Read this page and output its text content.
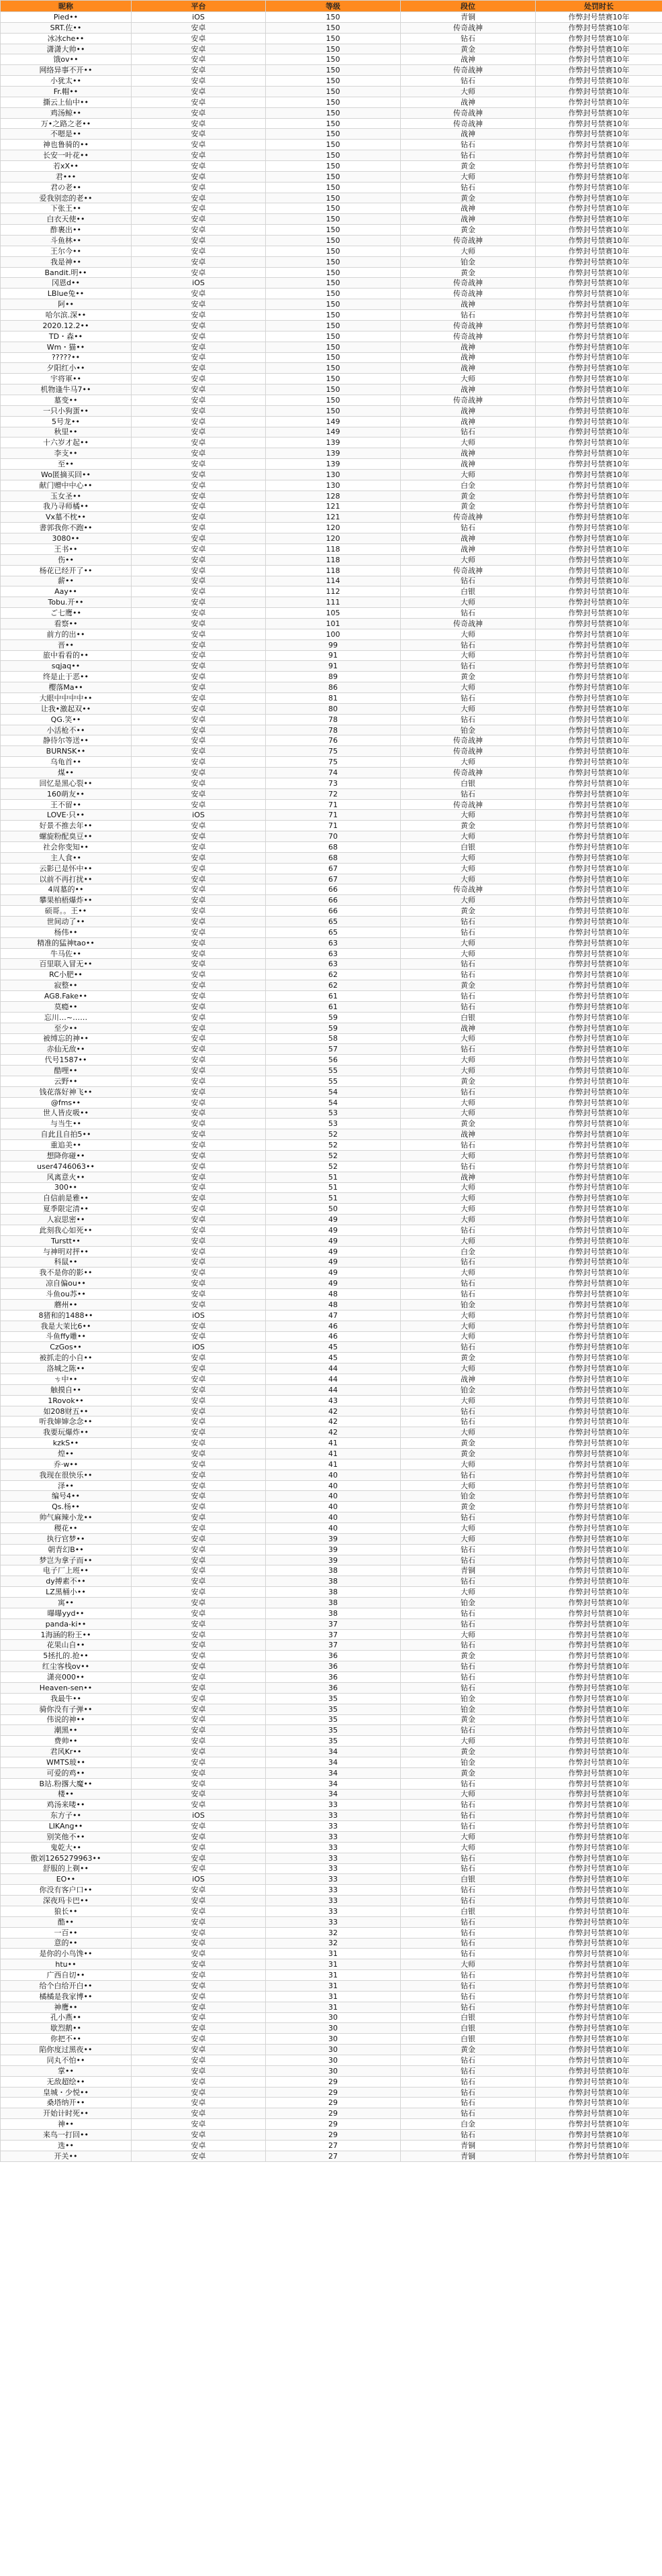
昵称	平台	等级	段位	处罚时长
Pied••	iOS	150	青铜	作弊封号禁赛10年
SRT.佐••	安卓	150	传奇战神	作弊封号禁赛10年
冰冰che••	安卓	150	钻石	作弊封号禁赛10年
潇潇大帅••	安卓	150	黄金	作弊封号禁赛10年
饿ov••	安卓	150	战神	作弊封号禁赛10年
网络异事不开••	安卓	150	传奇战神	作弊封号禁赛10年
小犹太••	安卓	150	钻石	作弊封号禁赛10年
Fr.帽••	安卓	150	大师	作弊封号禁赛10年
撕云上仙中••	安卓	150	战神	作弊封号禁赛10年
鸡汤鲸••	安卓	150	传奇战神	作弊封号禁赛10年
万•之路之老••	安卓	150	传奇战神	作弊封号禁赛10年
不嗯是••	安卓	150	战神	作弊封号禁赛10年
神也鲁骑的••	安卓	150	钻石	作弊封号禁赛10年
长安一叶花••	安卓	150	钻石	作弊封号禁赛10年
若xX••	安卓	150	黄金	作弊封号禁赛10年
君•••	安卓	150	大师	作弊封号禁赛10年
君の老••	安卓	150	钻石	作弊封号禁赛10年
爱我别恋的老••	安卓	150	黄金	作弊封号禁赛10年
下张王••	安卓	150	战神	作弊封号禁赛10年
白衣天使••	安卓	150	战神	作弊封号禁赛10年
酢裹出••	安卓	150	黄金	作弊封号禁赛10年
斗鱼林••	安卓	150	传奇战神	作弊封号禁赛10年
王尔今••	安卓	150	大师	作弊封号禁赛10年
我是神••	安卓	150	铂金	作弊封号禁赛10年
Bandit.明••	安卓	150	黄金	作弊封号禁赛10年
冈恩d••	iOS	150	传奇战神	作弊封号禁赛10年
LBlue兔••	安卓	150	传奇战神	作弊封号禁赛10年
阿••	安卓	150	战神	作弊封号禁赛10年
哈尔滨.深••	安卓	150	钻石	作弊封号禁赛10年
2020.12.2••	安卓	150	传奇战神	作弊封号禁赛10年
TD・森••	安卓	150	传奇战神	作弊封号禁赛10年
Wm・猫••	安卓	150	战神	作弊封号禁赛10年
?????••	安卓	150	战神	作弊封号禁赛10年
夕阳红小••	安卓	150	战神	作弊封号禁赛10年
宇将軍••	安卓	150	大师	作弊封号禁赛10年
机物逢牛马7••	安卓	150	战神	作弊封号禁赛10年
墓变••	安卓	150	传奇战神	作弊封号禁赛10年
一只小狗蛋••	安卓	150	战神	作弊封号禁赛10年
5号龙••	安卓	149	战神	作弊封号禁赛10年
秋里••	安卓	149	钻石	作弊封号禁赛10年
十六岁才起••	安卓	139	大师	作弊封号禁赛10年
李支••	安卓	139	战神	作弊封号禁赛10年
至••	安卓	139	战神	作弊封号禁赛10年
Wo匿摘买回••	安卓	130	大师	作弊封号禁赛10年
献门赠中中心••	安卓	130	白金	作弊封号禁赛10年
玉女圣••	安卓	128	黄金	作弊封号禁赛10年
我乃寻师橘••	安卓	121	黄金	作弊封号禁赛10年
Vx墓不枕••	安卓	121	传奇战神	作弊封号禁赛10年
書郭我你不跑••	安卓	120	钻石	作弊封号禁赛10年
3080••	安卓	120	战神	作弊封号禁赛10年
王书••	安卓	118	战神	作弊封号禁赛10年
伤••	安卓	118	大师	作弊封号禁赛10年
杨花已经开了••	安卓	118	传奇战神	作弊封号禁赛10年
薪••	安卓	114	钻石	作弊封号禁赛10年
Aay••	安卓	112	白银	作弊封号禁赛10年
Tobu.开••	安卓	111	大师	作弊封号禁赛10年
ご七鹰••	安卓	105	钻石	作弊封号禁赛10年
看察••	安卓	101	传奇战神	作弊封号禁赛10年
前方的出••	安卓	100	大师	作弊封号禁赛10年
晋••	安卓	99	钻石	作弊封号禁赛10年
旅中看看的••	安卓	91	大师	作弊封号禁赛10年
sqjaq••	安卓	91	钻石	作弊封号禁赛10年
终是止于恶••	安卓	89	黄金	作弊封号禁赛10年
樱落Ma••	安卓	86	大师	作弊封号禁赛10年
大眼中中中中••	安卓	81	钻石	作弊封号禁赛10年
让我•激起双••	安卓	80	大师	作弊封号禁赛10年
QG.笑••	安卓	78	钻石	作弊封号禁赛10年
小活枪不••	安卓	78	铂金	作弊封号禁赛10年
静待尔等送••	安卓	76	传奇战神	作弊封号禁赛10年
BURNSK••	安卓	75	传奇战神	作弊封号禁赛10年
乌龟首••	安卓	75	大师	作弊封号禁赛10年
煤••	安卓	74	传奇战神	作弊封号禁赛10年
回忆是黑心裂••	安卓	73	白银	作弊封号禁赛10年
160萌友••	安卓	72	钻石	作弊封号禁赛10年
王不留••	安卓	71	传奇战神	作弊封号禁赛10年
LOVE·只••	iOS	71	大师	作弊封号禁赛10年
好景不推去年••	安卓	71	黄金	作弊封号禁赛10年
螺旋粉配臭豆••	安卓	70	大师	作弊封号禁赛10年
社会你变知••	安卓	68	白银	作弊封号禁赛10年
主人食••	安卓	68	大师	作弊封号禁赛10年
云影已是怀中••	安卓	67	大师	作弊封号禁赛10年
以前不再打扰••	安卓	67	大师	作弊封号禁赛10年
4周墓的••	安卓	66	传奇战神	作弊封号禁赛10年
攀果柏梧爆炸••	安卓	66	大师	作弊封号禁赛10年
硕哥。。王••	安卓	66	黄金	作弊封号禁赛10年
世间动了••	安卓	65	钻石	作弊封号禁赛10年
杨伟••	安卓	65	钻石	作弊封号禁赛10年
精准的猛神tao••	安卓	63	大师	作弊封号禁赛10年
牛马佐••	安卓	63	大师	作弊封号禁赛10年
百里联入冒无••	安卓	63	钻石	作弊封号禁赛10年
RC小肥••	安卓	62	钻石	作弊封号禁赛10年
寂整••	安卓	62	黄金	作弊封号禁赛10年
AG8.Fake••	安卓	61	钻石	作弊封号禁赛10年
莫瘾••	安卓	61	钻石	作弊封号禁赛10年
忘川…~……	安卓	59	白银	作弊封号禁赛10年
至少••	安卓	59	战神	作弊封号禁赛10年
被缚忘的神••	安卓	58	大师	作弊封号禁赛10年
赤仙无敌••	安卓	57	钻石	作弊封号禁赛10年
代号1587••	安卓	56	大师	作弊封号禁赛10年
酷哩••	安卓	55	大师	作弊封号禁赛10年
云野••	安卓	55	黄金	作弊封号禁赛10年
钱花落好神飞••	安卓	54	钻石	作弊封号禁赛10年
@fms••	安卓	54	大师	作弊封号禁赛10年
世人皆皮吸••	安卓	53	大师	作弊封号禁赛10年
与当生••	安卓	53	黄金	作弊封号禁赛10年
自此且自拍5••	安卓	52	战神	作弊封号禁赛10年
重追美••	安卓	52	钻石	作弊封号禁赛10年
想降你碰••	安卓	52	大师	作弊封号禁赛10年
user4746063••	安卓	52	钻石	作弊封号禁赛10年
风离意火••	安卓	51	战神	作弊封号禁赛10年
300••	安卓	51	大师	作弊封号禁赛10年
自信前是雅••	安卓	51	大师	作弊封号禁赛10年
夏季限定清••	安卓	50	大师	作弊封号禁赛10年
人寂思密••	安卓	49	大师	作弊封号禁赛10年
此刻我心如死••	安卓	49	钻石	作弊封号禁赛10年
Turstt••	安卓	49	大师	作弊封号禁赛10年
与神明对抨••	安卓	49	白金	作弊封号禁赛10年
科鼠••	安卓	49	钻石	作弊封号禁赛10年
我不是你的影••	安卓	49	大师	作弊封号禁赛10年
凉自偏ou••	安卓	49	钻石	作弊封号禁赛10年
斗鱼ou苏••	安卓	48	钻石	作弊封号禁赛10年
蘑州••	安卓	48	铂金	作弊封号禁赛10年
8猪和的1488••	iOS	47	大师	作弊封号禁赛10年
我是大茉比6••	安卓	46	大师	作弊封号禁赛10年
斗鱼ffy雕••	安卓	46	大师	作弊封号禁赛10年
CzGos••	iOS	45	钻石	作弊封号禁赛10年
被抓走的小自••	安卓	45	黄金	作弊封号禁赛10年
洛城之陈••	安卓	44	大师	作弊封号禁赛10年
ㄘ中••	安卓	44	战神	作弊封号禁赛10年
触摸自••	安卓	44	铂金	作弊封号禁赛10年
1Rovok••	安卓	43	大师	作弊封号禁赛10年
如208财五••	安卓	42	钻石	作弊封号禁赛10年
听我婶婶念念••	安卓	42	钻石	作弊封号禁赛10年
我要玩爆炸••	安卓	42	大师	作弊封号禁赛10年
kzkS••	安卓	41	黄金	作弊封号禁赛10年
煌••	安卓	41	黄金	作弊封号禁赛10年
乔·w••	安卓	41	大师	作弊封号禁赛10年
我现在很快乐••	安卓	40	钻石	作弊封号禁赛10年
泽••	安卓	40	大师	作弊封号禁赛10年
编号4••	安卓	40	铂金	作弊封号禁赛10年
Qs.杨••	安卓	40	黄金	作弊封号禁赛10年
帅气麻辣小龙••	安卓	40	钻石	作弊封号禁赛10年
稷花••	安卓	40	大师	作弊封号禁赛10年
执行官梦••	安卓	39	大师	作弊封号禁赛10年
朝青幻B••	安卓	39	钻石	作弊封号禁赛10年
梦岂为拿子而••	安卓	39	钻石	作弊封号禁赛10年
电子厂上班••	安卓	38	青铜	作弊封号禁赛10年
dy搏素不••	安卓	38	钻石	作弊封号禁赛10年
LZ黑桶小••	安卓	38	大师	作弊封号禁赛10年
寓••	安卓	38	铂金	作弊封号禁赛10年
曝曝yyd••	安卓	38	钻石	作弊封号禁赛10年
panda-ki••	安卓	37	钻石	作弊封号禁赛10年
1海涵的粉王••	安卓	37	大师	作弊封号禁赛10年
花果山自••	安卓	37	钻石	作弊封号禁赛10年
5拯扎的.抢••	安卓	36	黄金	作弊封号禁赛10年
红尘客栈ov••	安卓	36	钻石	作弊封号禁赛10年
潇亮000••	安卓	36	钻石	作弊封号禁赛10年
Heaven-sen••	安卓	36	钻石	作弊封号禁赛10年
我最牛••	安卓	35	铂金	作弊封号禁赛10年
骑你没有子弹••	安卓	35	铂金	作弊封号禁赛10年
伟说的神••	安卓	35	黄金	作弊封号禁赛10年
潮黑••	安卓	35	钻石	作弊封号禁赛10年
费帅••	安卓	35	大师	作弊封号禁赛10年
君风Kr••	安卓	34	黄金	作弊封号禁赛10年
WMTS玻••	安卓	34	铂金	作弊封号禁赛10年
可爱的鸡••	安卓	34	黄金	作弊封号禁赛10年
B站.粉撂大魔••	安卓	34	钻石	作弊封号禁赛10年
楼••	安卓	34	大师	作弊封号禁赛10年
鸡汤来喽••	安卓	33	钻石	作弊封号禁赛10年
东方子••	iOS	33	钻石	作弊封号禁赛10年
LIKAng••	安卓	33	钻石	作弊封号禁赛10年
别笑他不••	安卓	33	大师	作弊封号禁赛10年
鬼乾大••	安卓	33	大师	作弊封号禁赛10年
傲刘1265279963••	安卓	33	钻石	作弊封号禁赛10年
舒服的上剃••	安卓	33	钻石	作弊封号禁赛10年
EO••	iOS	33	白银	作弊封号禁赛10年
你没有客户口••	安卓	33	钻石	作弊封号禁赛10年
深夜玛卡巴••	安卓	33	钻石	作弊封号禁赛10年
狼长••	安卓	33	白银	作弊封号禁赛10年
酷••	安卓	33	钻石	作弊封号禁赛10年
一百••	安卓	32	钻石	作弊封号禁赛10年
意的••	安卓	32	钻石	作弊封号禁赛10年
是你的小鸟馋••	安卓	31	钻石	作弊封号禁赛10年
htu••	安卓	31	大师	作弊封号禁赛10年
广西自切••	安卓	31	钻石	作弊封号禁赛10年
给个白给开白••	安卓	31	钻石	作弊封号禁赛10年
橘橘是我家博••	安卓	31	钻石	作弊封号禁赛10年
神鹰••	安卓	31	钻石	作弊封号禁赛10年
孔小燕••	安卓	30	白银	作弊封号禁赛10年
歇烈鹅••	安卓	30	白银	作弊封号禁赛10年
你把不••	安卓	30	白银	作弊封号禁赛10年
陷你度过黑夜••	安卓	30	黄金	作弊封号禁赛10年
同丸不怕••	安卓	30	钻石	作弊封号禁赛10年
掌••	安卓	30	钻石	作弊封号禁赛10年
无敌超绘••	安卓	29	钻石	作弊封号禁赛10年
皇城・少悦••	安卓	29	钻石	作弊封号禁赛10年
桑塔纳开••	安卓	29	钻石	作弊封号禁赛10年
开始计时死••	安卓	29	钻石	作弊封号禁赛10年
神••	安卓	29	白金	作弊封号禁赛10年
来鸟一打回••	安卓	29	钻石	作弊封号禁赛10年
选••	安卓	27	青铜	作弊封号禁赛10年
开关••	安卓	27	青铜	作弊封号禁赛10年
